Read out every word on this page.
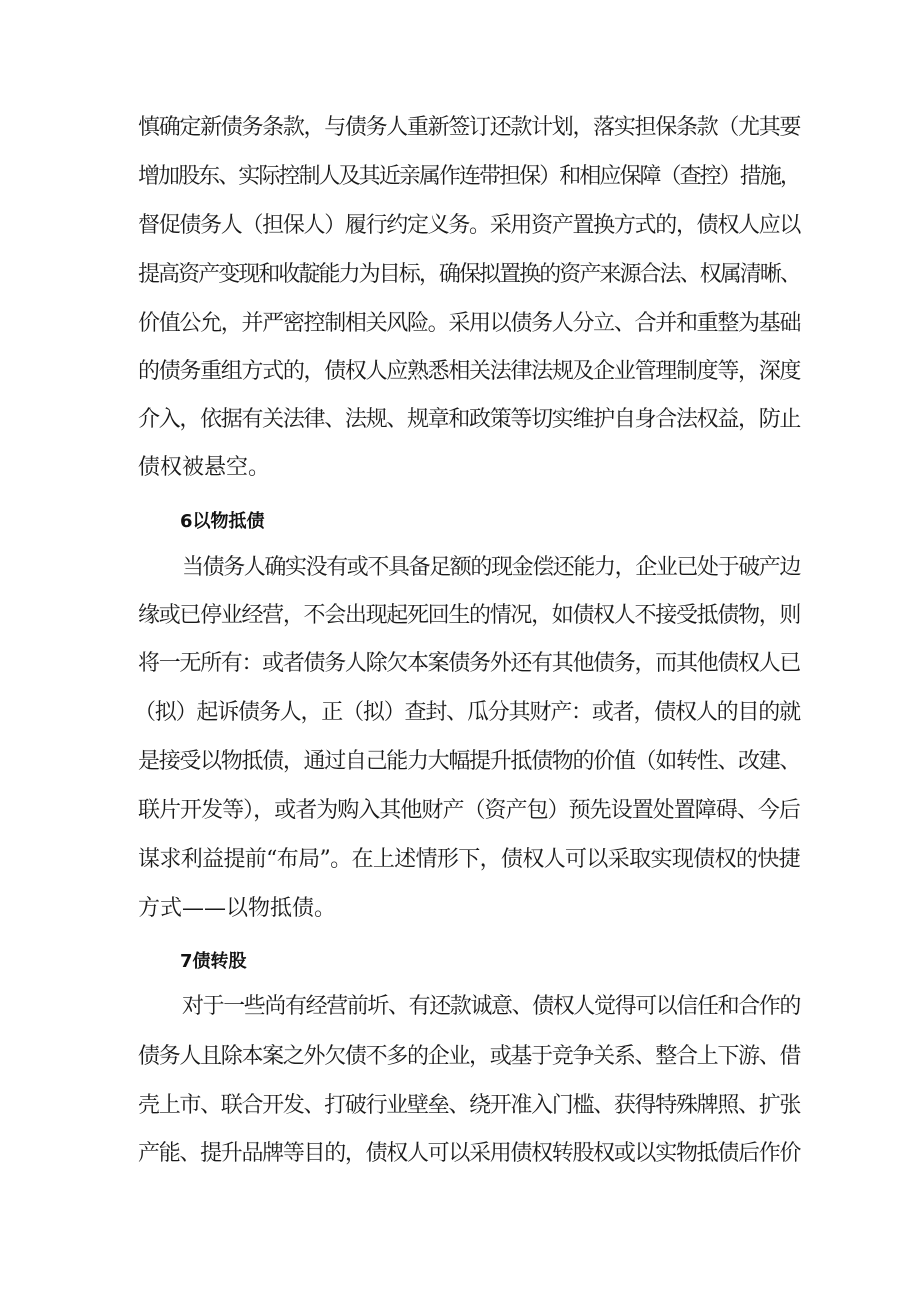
慎确定新债务条款，与债务人重新签订还款计划，落实担保条款（尤其要
增加股东、实际控制人及其近亲属作连带担保）和相应保障（查控）措施，
督促债务人（担保人）履行约定义务。采用资产置换方式的，债权人应以
提高资产变现和收靛能力为目标，确保拟置换的资产来源合法、权属清晰、
价值公允，并严密控制相关风险。采用以债务人分立、合并和重整为基础
的债务重组方式的，债权人应熟悉相关法律法规及企业管理制度等，深度
介入，依据有关法律、法规、规章和政策等切实维护自身合法权益，防止
债权被悬空。
6以物抵债
当债务人确实没有或不具备足额的现金偿还能力，企业已处于破产边
缘或已停业经营，不会出现起死回生的情况，如债权人不接受抵债物，则
将一无所有：或者债务人除欠本案债务外还有其他债务，而其他债权人已
（拟）起诉债务人，正（拟）查封、瓜分其财产：或者，债权人的目的就
是接受以物抵债，通过自己能力大幅提升抵债物的价值（如转性、改建、
联片开发等），或者为购入其他财产（资产包）预先设置处置障碍、今后
谋求利益提前“布局”。在上述情形下，债权人可以采取实现债权的快捷
方式——以物抵债。
7债转股
对于一些尚有经营前圻、有还款诚意、债权人觉得可以信任和合作的
债务人且除本案之外欠债不多的企业，或基于竞争关系、整合上下游、借
壳上市、联合开发、打破行业壁垒、绕开准入门槛、获得特殊牌照、扩张
产能、提升品牌等目的，债权人可以采用债权转股权或以实物抵债后作价
